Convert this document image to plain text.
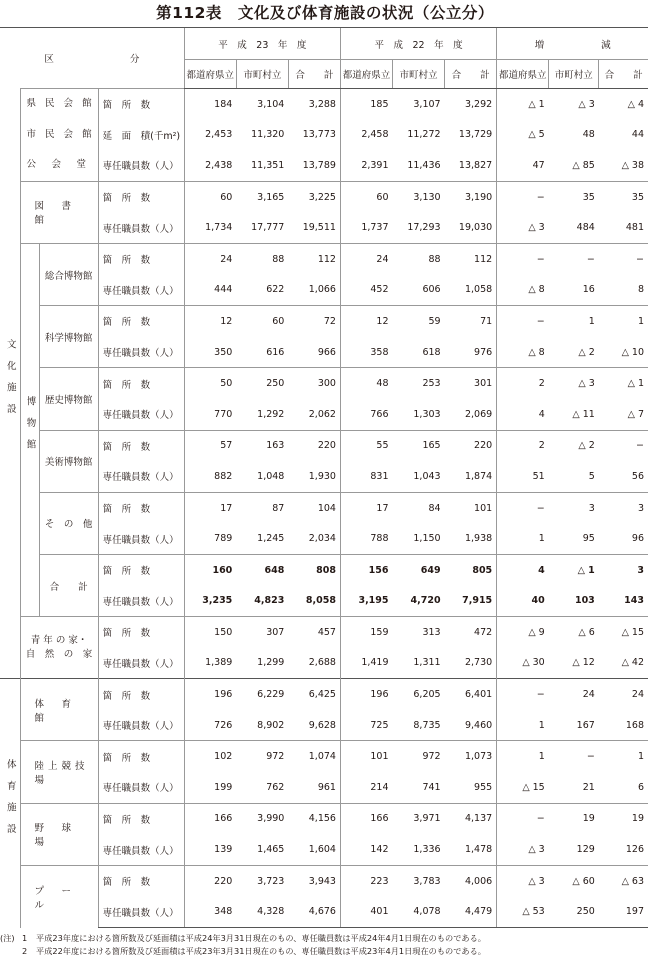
第112表　文化及び体育施設の状況（公立分）
区　　　　　　　　分				平　成　23　年　度			平　成　22　年　度			増　　　　　　減		
				都道府県立	市町村立	合　　計	都道府県立	市町村立	合　　計	都道府県立	市町村立	合　　計
文化施設	県 民 会 館
市 民 会 館
公　会　堂		箇　所　数	184	3,104	3,288	185	3,107	3,292	△ 1	△ 3	△ 4
			延　面　積(千m²)	2,453	11,320	13,773	2,458	11,272	13,729	△ 5	48	44
			専任職員数（人）	2,438	11,351	13,789	2,391	11,436	13,827	47	△ 85	△ 38
	図　書　館		箇　所　数	60	3,165	3,225	60	3,130	3,190	−	35	35
			専任職員数（人）	1,734	17,777	19,511	1,737	17,293	19,030	△ 3	484	481
	博物館	総合博物館	箇　所　数	24	88	112	24	88	112	−	−	−
			専任職員数（人）	444	622	1,066	452	606	1,058	△ 8	16	8
		科学博物館	箇　所　数	12	60	72	12	59	71	−	1	1
			専任職員数（人）	350	616	966	358	618	976	△ 8	△ 2	△ 10
		歴史博物館	箇　所　数	50	250	300	48	253	301	2	△ 3	△ 1
			専任職員数（人）	770	1,292	2,062	766	1,303	2,069	4	△ 11	△ 7
		美術博物館	箇　所　数	57	163	220	55	165	220	2	△ 2	−
			専任職員数（人）	882	1,048	1,930	831	1,043	1,874	51	5	56
		そ　の　他	箇　所　数	17	87	104	17	84	101	−	3	3
			専任職員数（人）	789	1,245	2,034	788	1,150	1,938	1	95	96
		合　　計	箇　所　数	160	648	808	156	649	805	4	△ 1	3
			専任職員数（人）	3,235	4,823	8,058	3,195	4,720	7,915	40	103	143

	青 年 の 家・
自　然　の　家		箇　所　数	150	307	457	159	313	472	△ 9	△ 6	△ 15
			専任職員数（人）	1,389	1,299	2,688	1,419	1,311	2,730	△ 30	△ 12	△ 42
体育施設	体　育　館		箇　所　数	196	6,229	6,425	196	6,205	6,401	−	24	24
			専任職員数（人）	726	8,902	9,628	725	8,735	9,460	1	167	168
	陸上競技場		箇　所　数	102	972	1,074	101	972	1,073	1	−	1
			専任職員数（人）	199	762	961	214	741	955	△ 15	21	6
	野　球　場		箇　所　数	166	3,990	4,156	166	3,971	4,137	−	19	19
			専任職員数（人）	139	1,465	1,604	142	1,336	1,478	△ 3	129	126
	プ　ー　ル		箇　所　数	220	3,723	3,943	223	3,783	4,006	△ 3	△ 60	△ 63
			専任職員数（人）	348	4,328	4,676	401	4,078	4,479	△ 53	250	197
(注) 1 平成23年度における箇所数及び延面積は平成24年3月31日現在のもの、専任職員数は平成24年4月1日現在のものである。
2 平成22年度における箇所数及び延面積は平成23年3月31日現在のもの、専任職員数は平成23年4月1日現在のものである。
